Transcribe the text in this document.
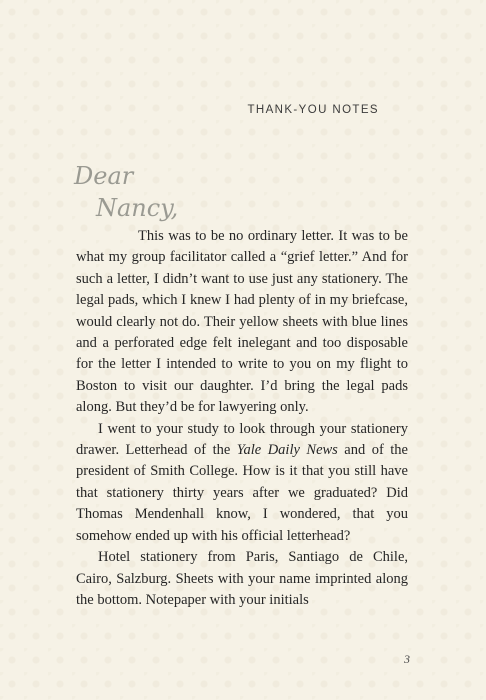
THANK-YOU NOTES
Dear
Nancy,

This was to be no ordinary letter. It was to be what my group facilitator called a “grief letter.” And for such a letter, I didn’t want to use just any stationery. The legal pads, which I knew I had plenty of in my briefcase, would clearly not do. Their yellow sheets with blue lines and a perforated edge felt inelegant and too disposable for the letter I intended to write to you on my flight to Boston to visit our daughter. I’d bring the legal pads along. But they’d be for lawyering only.

I went to your study to look through your stationery drawer. Letterhead of the Yale Daily News and of the president of Smith College. How is it that you still have that stationery thirty years after we graduated? Did Thomas Mendenhall know, I wondered, that you somehow ended up with his official letterhead?

Hotel stationery from Paris, Santiago de Chile, Cairo, Salzburg. Sheets with your name imprinted along the bottom. Notepaper with your initials

3
